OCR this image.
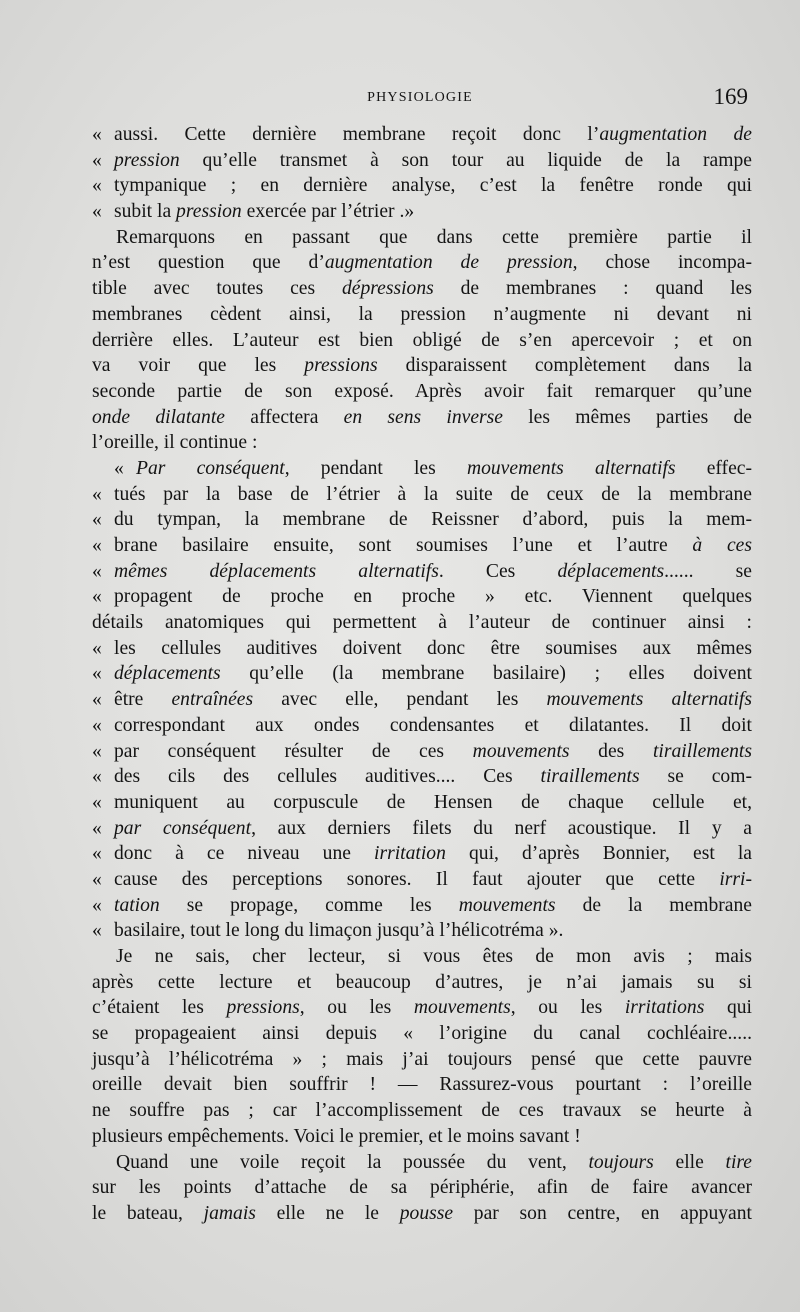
PHYSIOLOGIE	169
« aussi. Cette dernière membrane reçoit donc l’augmentation de
« pression qu’elle transmet à son tour au liquide de la rampe
« tympanique ; en dernière analyse, c’est la fenêtre ronde qui
« subit la pression exercée par l’étrier .»
Remarquons en passant que dans cette première partie il
n’est question que d’augmentation de pression, chose incompa-
tible avec toutes ces dépressions de membranes : quand les
membranes cèdent ainsi, la pression n’augmente ni devant ni
derrière elles. L’auteur est bien obligé de s’en apercevoir ; et on
va voir que les pressions disparaissent complètement dans la
seconde partie de son exposé. Après avoir fait remarquer qu’une
onde dilatante affectera en sens inverse les mêmes parties de
l’oreille, il continue :
« Par conséquent, pendant les mouvements alternatifs effec-
« tués par la base de l’étrier à la suite de ceux de la membrane
« du tympan, la membrane de Reissner d’abord, puis la mem-
« brane basilaire ensuite, sont soumises l’une et l’autre à ces
« mêmes déplacements alternatifs. Ces déplacements...... se
« propagent de proche en proche » etc. Viennent quelques
détails anatomiques qui permettent à l’auteur de continuer ainsi :
« les cellules auditives doivent donc être soumises aux mêmes
« déplacements qu’elle (la membrane basilaire) ; elles doivent
« être entraînées avec elle, pendant les mouvements alternatifs
« correspondant aux ondes condensantes et dilatantes. Il doit
« par conséquent résulter de ces mouvements des tiraillements
« des cils des cellules auditives.... Ces tiraillements se com-
« muniquent au corpuscule de Hensen de chaque cellule et,
« par conséquent, aux derniers filets du nerf acoustique. Il y a
« donc à ce niveau une irritation qui, d’après Bonnier, est la
« cause des perceptions sonores. Il faut ajouter que cette irri-
« tation se propage, comme les mouvements de la membrane
« basilaire, tout le long du limaçon jusqu’à l’hélicotréma ».
Je ne sais, cher lecteur, si vous êtes de mon avis ; mais
après cette lecture et beaucoup d’autres, je n’ai jamais su si
c’étaient les pressions, ou les mouvements, ou les irritations qui
se propageaient ainsi depuis « l’origine du canal cochléaire.....
jusqu’à l’hélicotréma » ; mais j’ai toujours pensé que cette pauvre
oreille devait bien souffrir ! — Rassurez-vous pourtant : l’oreille
ne souffre pas ; car l’accomplissement de ces travaux se heurte à
plusieurs empêchements. Voici le premier, et le moins savant !
Quand une voile reçoit la poussée du vent, toujours elle tire
sur les points d’attache de sa périphérie, afin de faire avancer
le bateau, jamais elle ne le pousse par son centre, en appuyant
